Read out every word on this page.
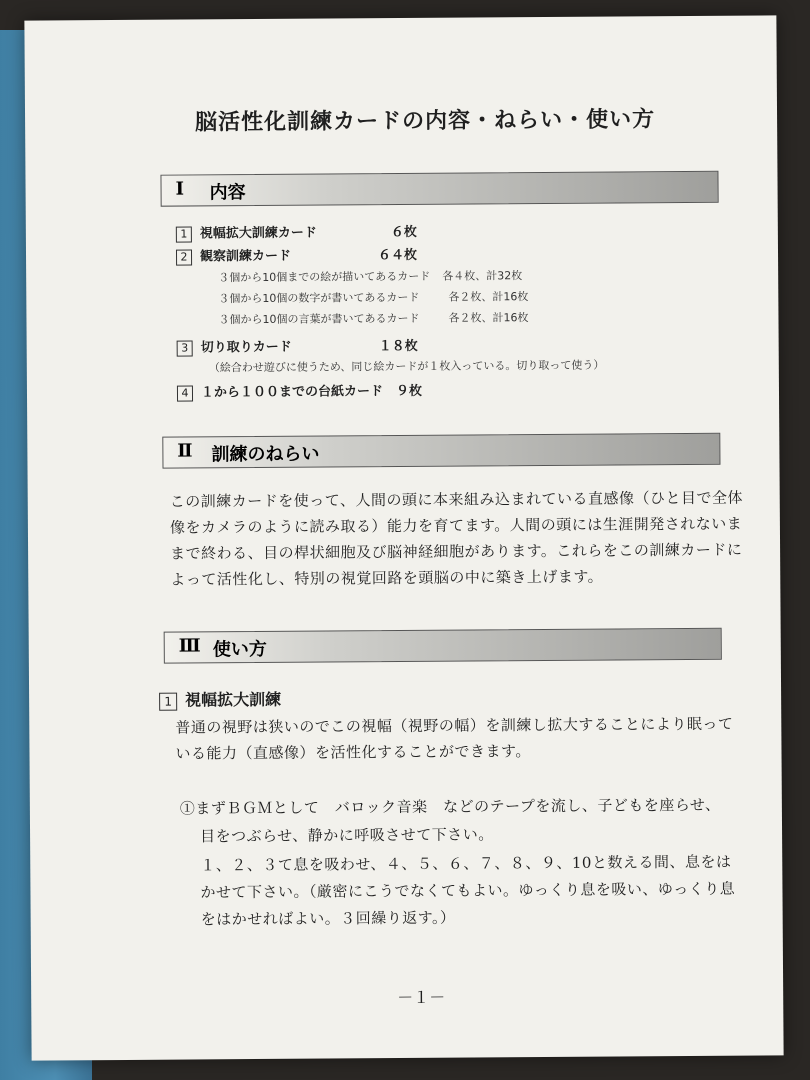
脳活性化訓練カードの内容・ねらい・使い方
Ⅰ 内容
1 視幅拡大訓練カード	６枚
2 観察訓練カード	６４枚
３個から10個までの絵が描いてあるカード 各４枚、計32枚
３個から10個の数字が書いてあるカード	各２枚、計16枚
３個から10個の言葉が書いてあるカード	各２枚、計16枚
3 切り取りカード	１８枚
（絵合わせ遊びに使うため、同じ絵カードが１枚入っている。切り取って使う）
4 １から１００までの台紙カード　９枚
Ⅱ 訓練のねらい
この訓練カードを使って、人間の頭に本来組み込まれている直感像（ひと目で全体
像をカメラのように読み取る）能力を育てます。人間の頭には生涯開発されないま
まで終わる、目の桿状細胞及び脳神経細胞があります。これらをこの訓練カードに
よって活性化し、特別の視覚回路を頭脳の中に築き上げます。
Ⅲ 使い方
1 視幅拡大訓練
普通の視野は狭いのでこの視幅（視野の幅）を訓練し拡大することにより眠って
いる能力（直感像）を活性化することができます。
①まずＢＧＭとして　バロック音楽　などのテープを流し、子どもを座らせ、
目をつぶらせ、静かに呼吸させて下さい。
１、２、３て息を吸わせ、４、５、６、７、８、９、10と数える間、息をは
かせて下さい。（厳密にこうでなくてもよい。ゆっくり息を吸い、ゆっくり息
をはかせればよい。３回繰り返す。）
－１－
